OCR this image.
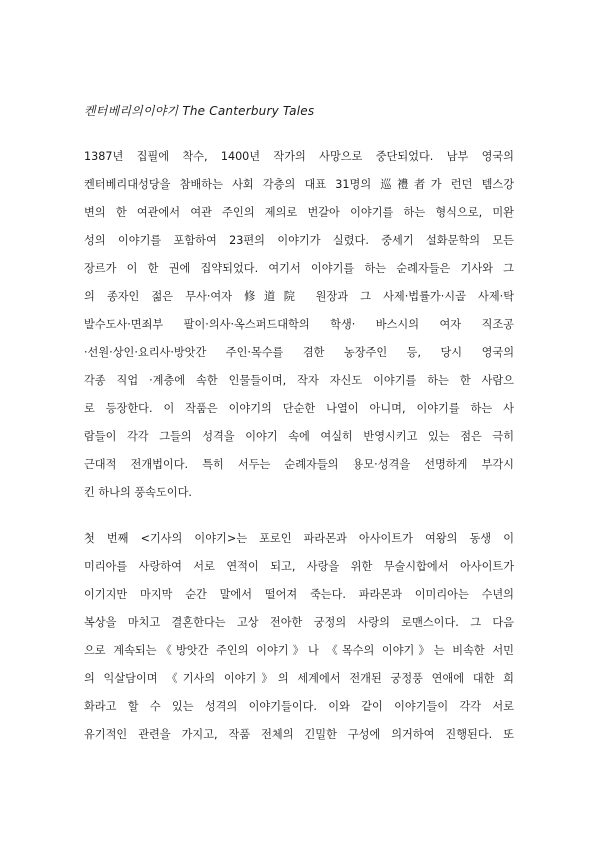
켄터베리의이야기 The Canterbury Tales
1387년 집필에 착수, 1400년 작가의 사망으로 중단되었다. 남부 영국의
켄터베리대성당을 참배하는 사회 각층의 대표 31명의 巡禮者가 런던 템스강
변의 한 여관에서 여관 주인의 제의로 번갈아 이야기를 하는 형식으로, 미완
성의 이야기를 포함하여 23편의 이야기가 실렸다. 중세기 설화문학의 모든
장르가 이 한 권에 집약되었다. 여기서 이야기를 하는 순례자들은 기사와 그
의 종자인 젊은 무사·여자 修道院 원장과 그 사제·법률가·시골 사제·탁
발수도사·면죄부 팔이·의사·옥스퍼드대학의 학생· 바스시의 여자 직조공
·선원·상인·요리사·방앗간 주인·목수를 겸한 농장주인 등, 당시 영국의
각종 직업 ·계층에 속한 인물들이며, 작자 자신도 이야기를 하는 한 사람으
로 등장한다. 이 작품은 이야기의 단순한 나열이 아니며, 이야기를 하는 사
람들이 각각 그들의 성격을 이야기 속에 여실히 반영시키고 있는 점은 극히
근대적 전개법이다. 특히 서두는 순례자들의 용모·성격을 선명하게 부각시
킨 하나의 풍속도이다.
첫 번째 <기사의 이야기>는 포로인 파라몬과 아사이트가 여왕의 동생 이
미리아를 사랑하여 서로 연적이 되고, 사랑을 위한 무술시합에서 아사이트가
이기지만 마지막 순간 말에서 떨어져 죽는다. 파라몬과 이미리아는 수년의
복상을 마치고 결혼한다는 고상 전아한 궁정의 사랑의 로맨스이다. 그 다음
으로 계속되는《방앗간 주인의 이야기》나 《목수의 이야기》는 비속한 서민
의 익살담이며 《기사의 이야기》의 세계에서 전개된 궁정풍 연애에 대한 희
화라고 할 수 있는 성격의 이야기들이다. 이와 같이 이야기들이 각각 서로
유기적인 관련을 가지고, 작품 전체의 긴밀한 구성에 의거하여 진행된다. 또
